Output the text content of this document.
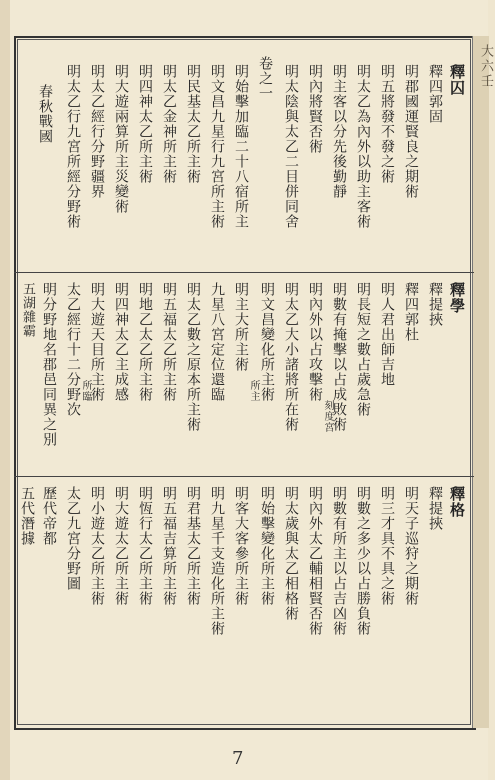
大六壬
釋囚
釋四郭固
明郡國運賢良之期術
明五將發不發之術
明太乙為內外以助主客術
明主客以分先後勤靜
明內將賢否術
明太陰與太乙二目併同舍
卷之一
明始擊加臨二十八宿所主
明文昌九星行九宮所主術
明民基太乙所主術
明太乙金神所主術
明四神太乙所主術
明大遊兩算所主災變術
明太乙經行分野疆界
明太乙行九宮所經分野術
春秋戰國
釋學
釋提挾
釋四郭杜
明人君出師吉地
明長短之數占歲急術
明數有掩擊以占成敗術
明內外以占攻擊術
明太乙大小諸將所在術
明文昌變化所主術
明主大所主術
九星八宮定位還臨
明太乙數之原本所主術
明五福太乙所主術
明地乙太乙所主術
明四神太乙主成感
明大遊天目所主術
太乙經行十二分野次
明分野地名郡邑同異之別
五湖雜霸
刻度宮
所主
所臨
釋格
釋提挾
明天子巡狩之期術
明三才具不具之術
明數之多少以占勝負術
明數有所主以占吉凶術
明內外太乙輔相賢否術
明太歲與太乙相格術
明始擊變化所主術
明客大客參所主術
明九星千支造化所主術
明君基太乙所主術
明五福吉算所主術
明恆行太乙所主術
明大遊太乙所主術
明小遊太乙所主術
太乙九宮分野圖
歷代帝都
五代潛據
7
